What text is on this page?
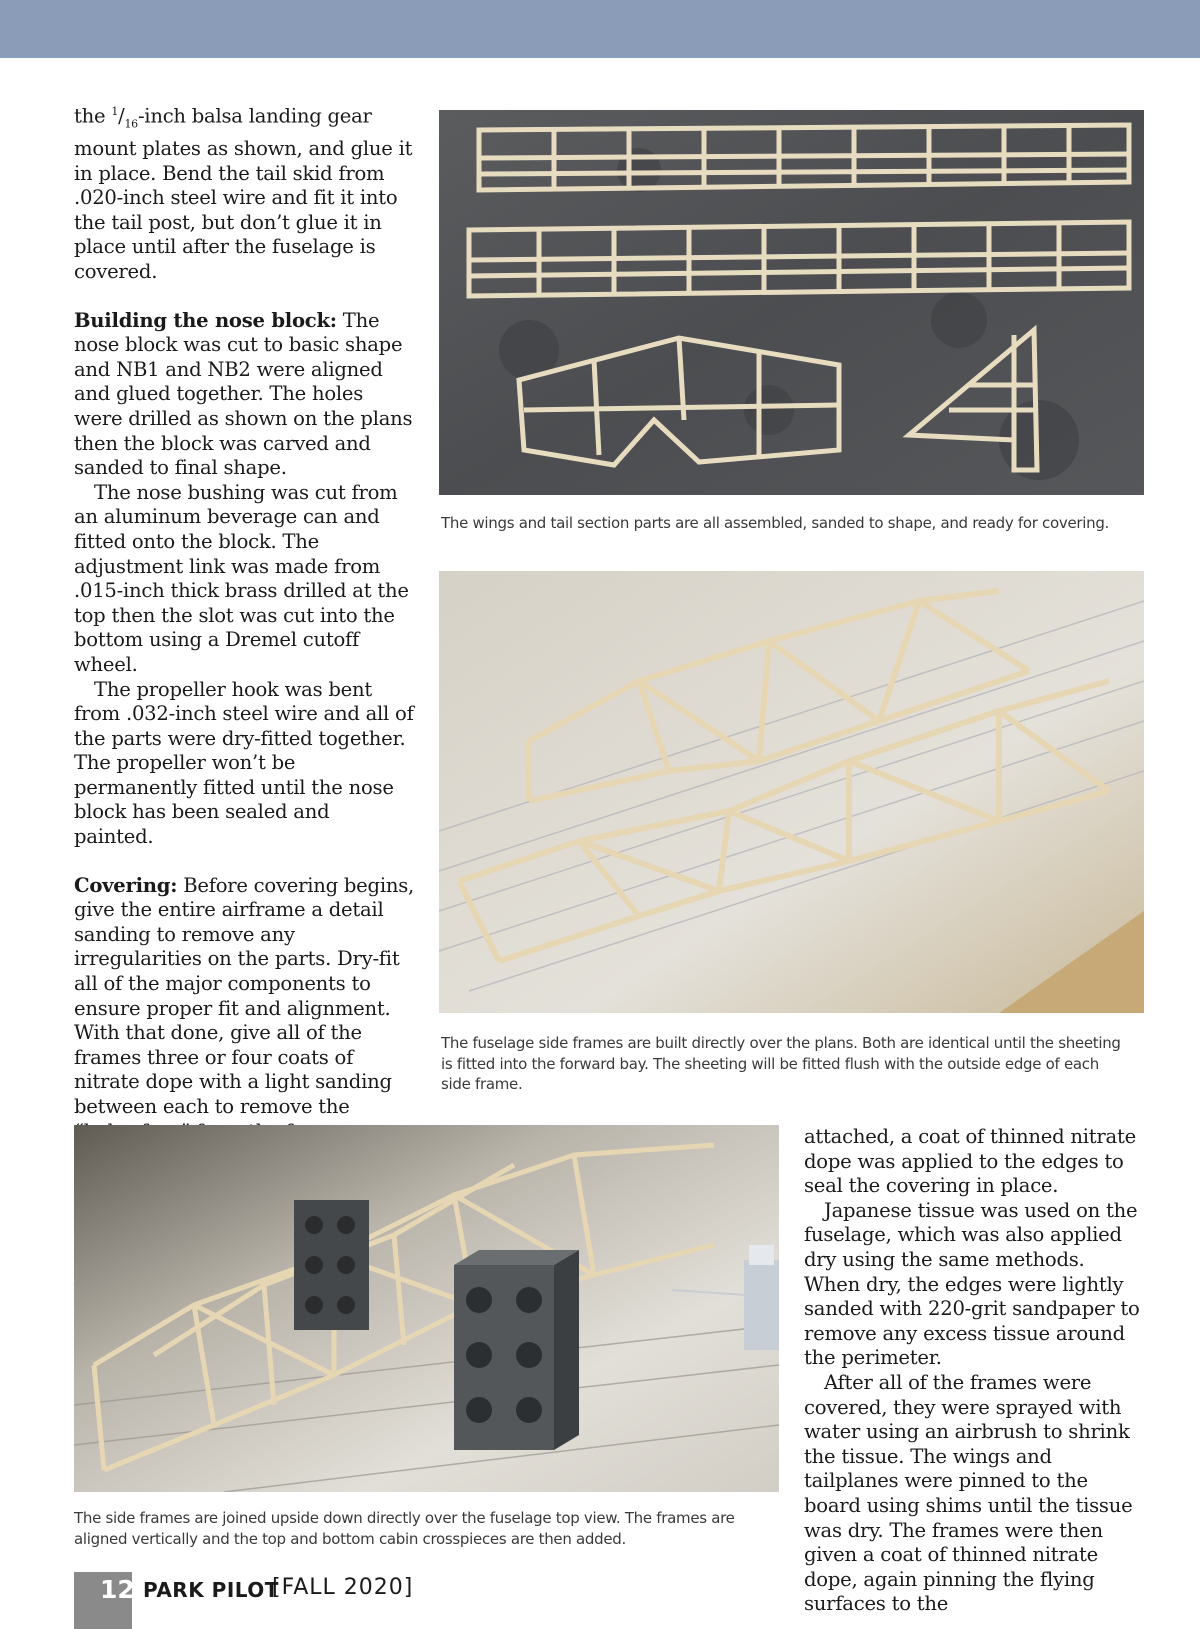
the $^1/_{16}$-inch balsa landing gear mount plates as shown, and glue it in place. Bend the tail skid from .020-inch steel wire and fit it into the tail post, but don’t glue it in place until after the fuselage is covered.

Building the nose block: The nose block was cut to basic shape and NB1 and NB2 were aligned and glued together. The holes were drilled as shown on the plans then the block was carved and sanded to final shape.

The nose bushing was cut from an aluminum beverage can and fitted onto the block. The adjustment link was made from .015-inch thick brass drilled at the top then the slot was cut into the bottom using a Dremel cutoff wheel.

The propeller hook was bent from .032-inch steel wire and all of the parts were dry-fitted together. The propeller won’t be permanently fitted until the nose block has been sealed and painted.

Covering: Before covering begins, give the entire airframe a detail sanding to remove any irregularities on the parts. Dry-fit all of the major components to ensure proper fit and alignment. With that done, give all of the frames three or four coats of nitrate dope with a light sanding between each to remove the

The wings and tail section parts are all assembled, sanded to shape, and ready for covering.
The fuselage side frames are built directly over the plans. Both are identical until the sheeting is fitted into the forward bay. The sheeting will be fitted flush with the outside edge of each side frame.
The side frames are joined upside down directly over the fuselage top view. The frames are aligned vertically and the top and bottom cabin crosspieces are then added.

attached, a coat of thinned nitrate dope was applied to the edges to seal the covering in place.

Japanese tissue was used on the fuselage, which was also applied dry using the same methods. When dry, the edges were lightly sanded with 220-grit sandpaper to remove any excess tissue around the perimeter.

After all of the frames were covered, they were sprayed with water using an airbrush to shrink the tissue. The wings and tailplanes were pinned to the board using shims until the tissue was dry. The frames were then given a coat of thinned nitrate dope, again pinning the flying surfaces to the

12 PARK PILOT
[FALL 2020]
